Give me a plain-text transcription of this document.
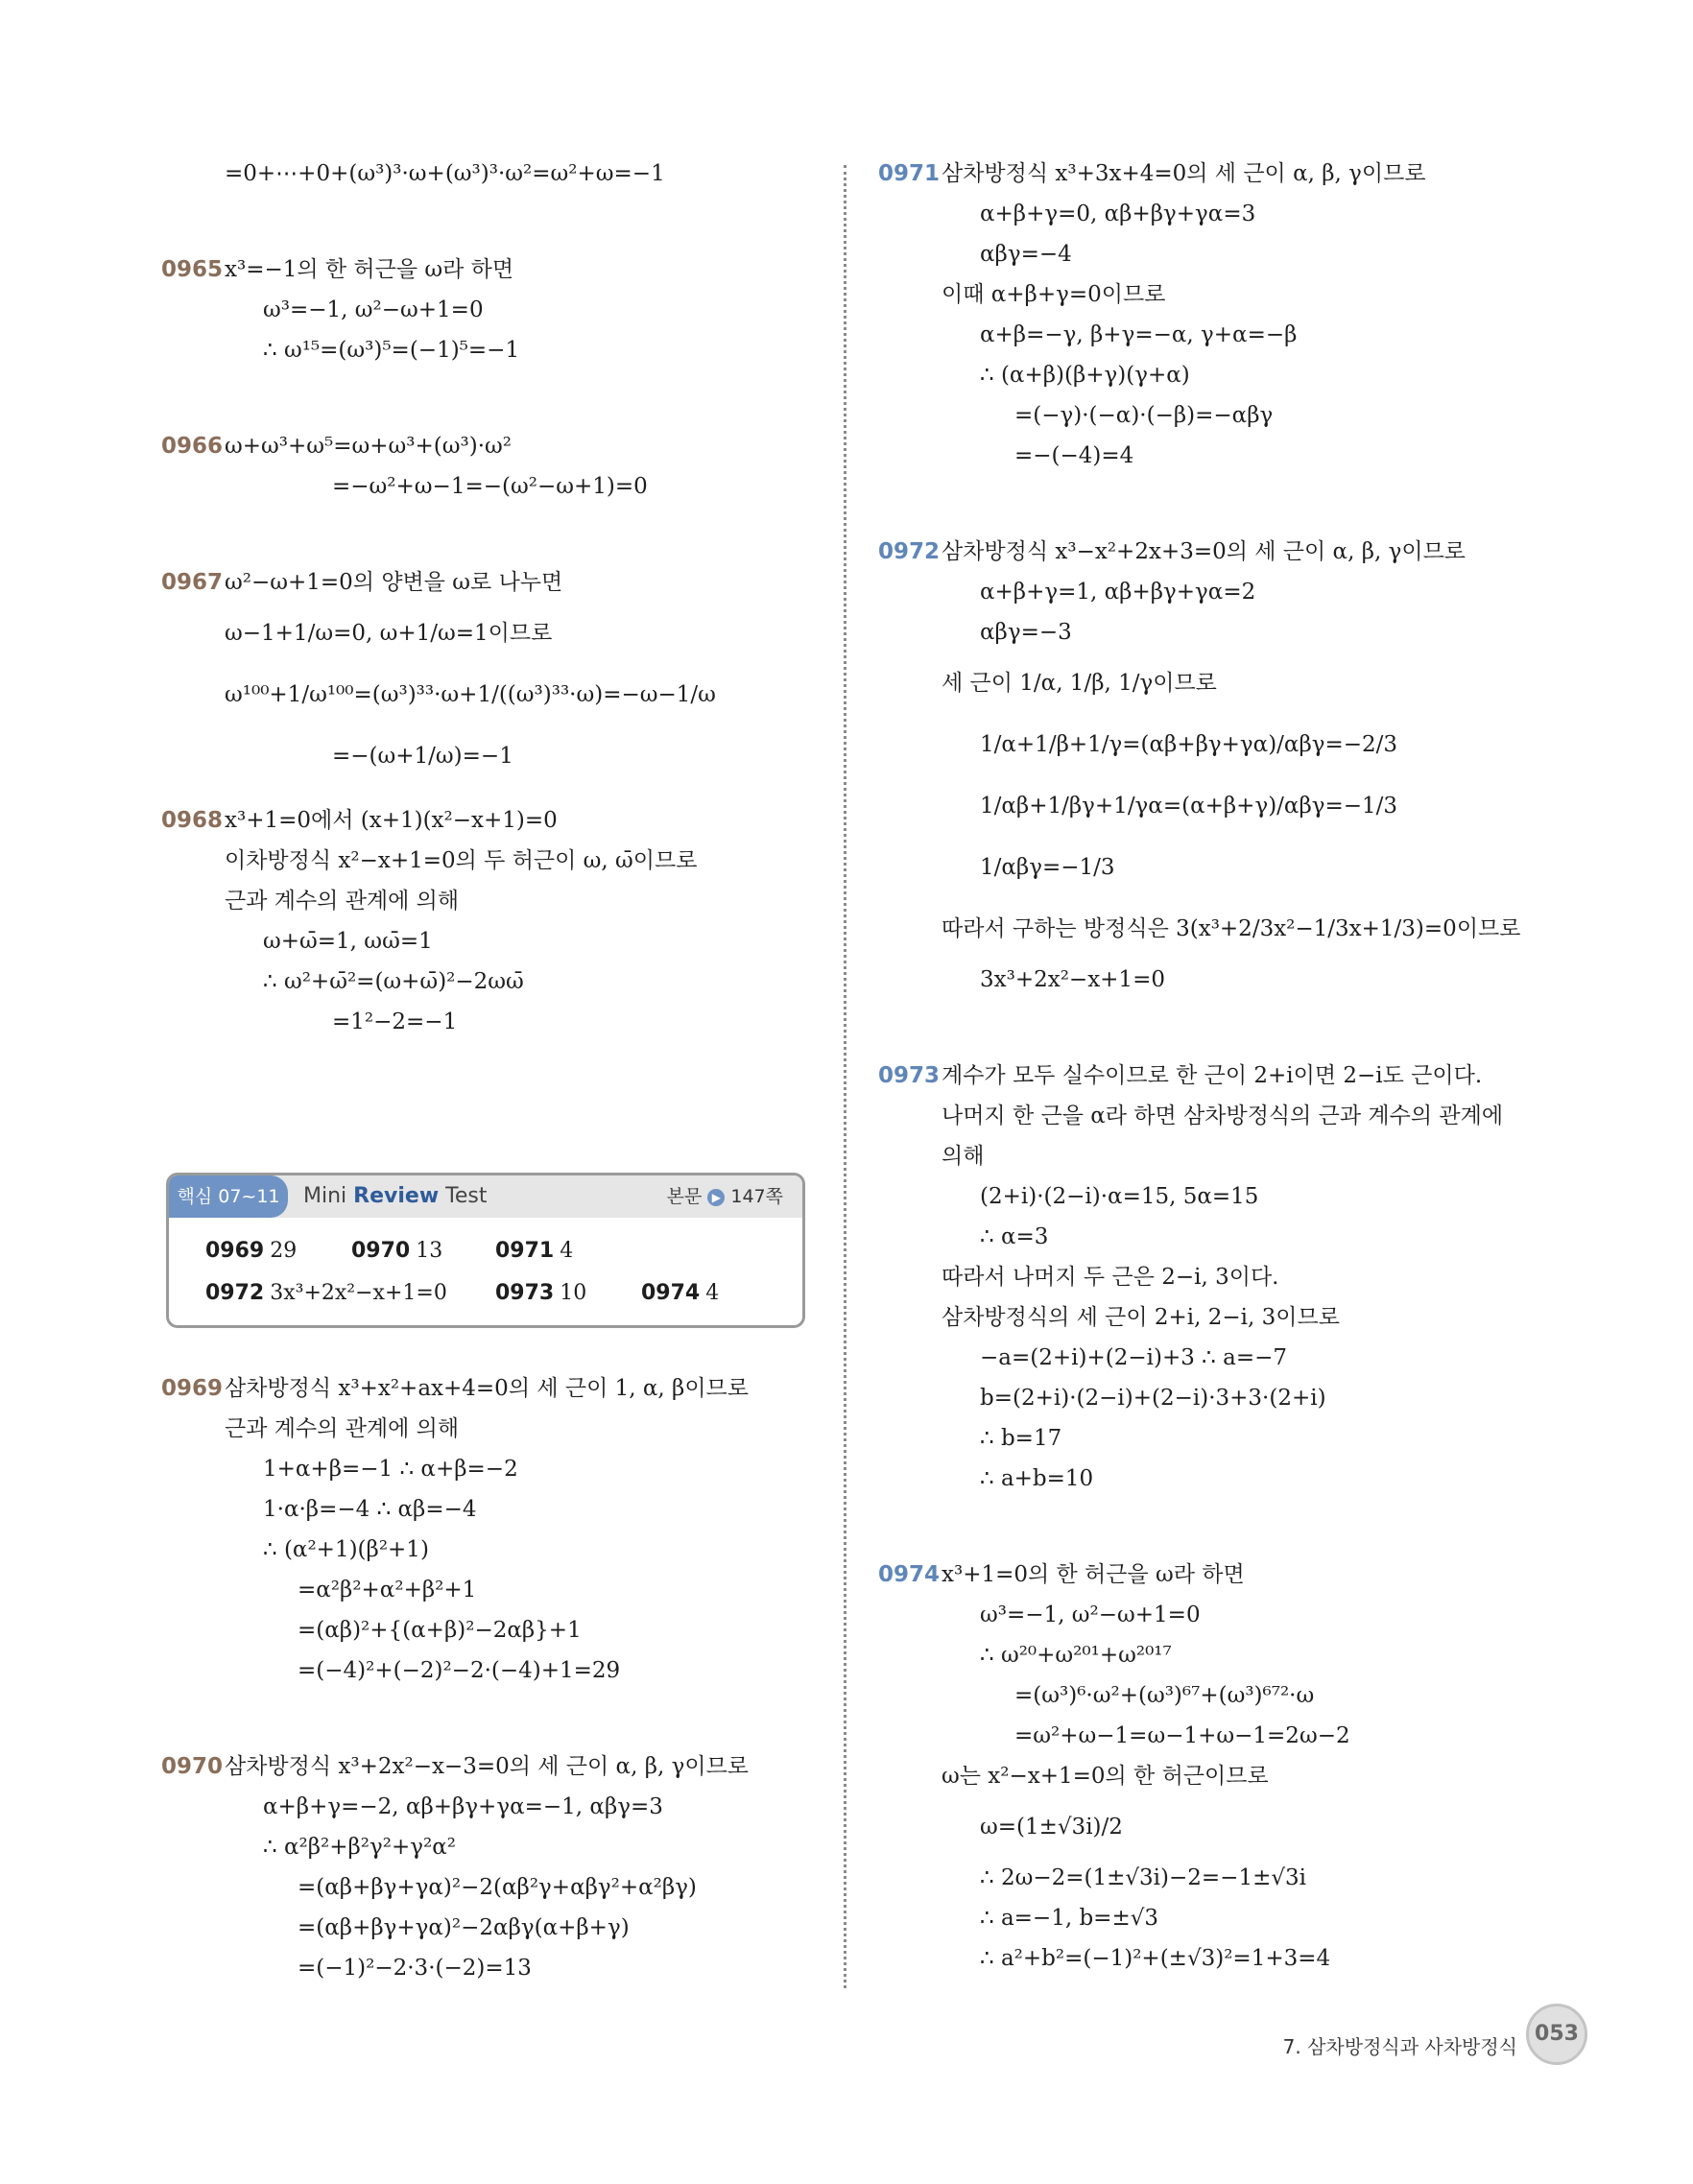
=0+⋯+0+(ω³)³·ω+(ω³)³·ω²=ω²+ω=−1
0965 x³=−1의 한 허근을 ω라 하면
ω³=−1, ω²−ω+1=0
∴ ω¹⁵=(ω³)⁵=(−1)⁵=−1
0966 ω+ω³+ω⁵=ω+ω³+(ω³)·ω²
=−ω²+ω−1=−(ω²−ω+1)=0
0967 ω²−ω+1=0의 양변을 ω로 나누면
ω−1+1/ω=0, ω+1/ω=1이므로
ω¹⁰⁰+1/ω¹⁰⁰=(ω³)³³·ω+1/((ω³)³³·ω)=−ω−1/ω
=−(ω+1/ω)=−1
0968 x³+1=0에서 (x+1)(x²−x+1)=0
이차방정식 x²−x+1=0의 두 허근이 ω, ω̄이므로
근과 계수의 관계에 의해
ω+ω̄=1, ωω̄=1
∴ ω²+ω̄²=(ω+ω̄)²−2ωω̄
=1²−2=−1
0969 삼차방정식 x³+x²+ax+4=0의 세 근이 1, α, β이므로
근과 계수의 관계에 의해
1+α+β=−1 ∴ α+β=−2
1·α·β=−4 ∴ αβ=−4
∴ (α²+1)(β²+1)
=α²β²+α²+β²+1
=(αβ)²+{(α+β)²−2αβ}+1
=(−4)²+(−2)²−2·(−4)+1=29
0970 삼차방정식 x³+2x²−x−3=0의 세 근이 α, β, γ이므로
α+β+γ=−2, αβ+βγ+γα=−1, αβγ=3
∴ α²β²+β²γ²+γ²α²
=(αβ+βγ+γα)²−2(αβ²γ+αβγ²+α²βγ)
=(αβ+βγ+γα)²−2αβγ(α+β+γ)
=(−1)²−2·3·(−2)=13
0971 삼차방정식 x³+3x+4=0의 세 근이 α, β, γ이므로
α+β+γ=0, αβ+βγ+γα=3
αβγ=−4
이때 α+β+γ=0이므로
α+β=−γ, β+γ=−α, γ+α=−β
∴ (α+β)(β+γ)(γ+α)
=(−γ)·(−α)·(−β)=−αβγ
=−(−4)=4
0972 삼차방정식 x³−x²+2x+3=0의 세 근이 α, β, γ이므로
α+β+γ=1, αβ+βγ+γα=2
αβγ=−3
세 근이 1/α, 1/β, 1/γ이므로
1/α+1/β+1/γ=(αβ+βγ+γα)/αβγ=−2/3
1/αβ+1/βγ+1/γα=(α+β+γ)/αβγ=−1/3
1/αβγ=−1/3
따라서 구하는 방정식은 3(x³+2/3x²−1/3x+1/3)=0이므로
3x³+2x²−x+1=0
0973 계수가 모두 실수이므로 한 근이 2+i이면 2−i도 근이다.
나머지 한 근을 α라 하면 삼차방정식의 근과 계수의 관계에
의해
(2+i)·(2−i)·α=15, 5α=15
∴ α=3
따라서 나머지 두 근은 2−i, 3이다.
삼차방정식의 세 근이 2+i, 2−i, 3이므로
−a=(2+i)+(2−i)+3 ∴ a=−7
b=(2+i)·(2−i)+(2−i)·3+3·(2+i)
∴ b=17
∴ a+b=10
0974 x³+1=0의 한 허근을 ω라 하면
ω³=−1, ω²−ω+1=0
∴ ω²⁰+ω²⁰¹+ω²⁰¹⁷
=(ω³)⁶·ω²+(ω³)⁶⁷+(ω³)⁶⁷²·ω
=ω²+ω−1=ω−1+ω−1=2ω−2
ω는 x²−x+1=0의 한 허근이므로
ω=(1±√3i)/2
∴ 2ω−2=(1±√3i)−2=−1±√3i
∴ a=−1, b=±√3
∴ a²+b²=(−1)²+(±√3)²=1+3=4
핵심 07~11	Mini Review Test	본문 ▶ 147쪽
0969 29	0970 13 0971 4
0972 3x³+2x²−x+1=0 0973 10	0974 4
7. 삼차방정식과 사차방정식
053
